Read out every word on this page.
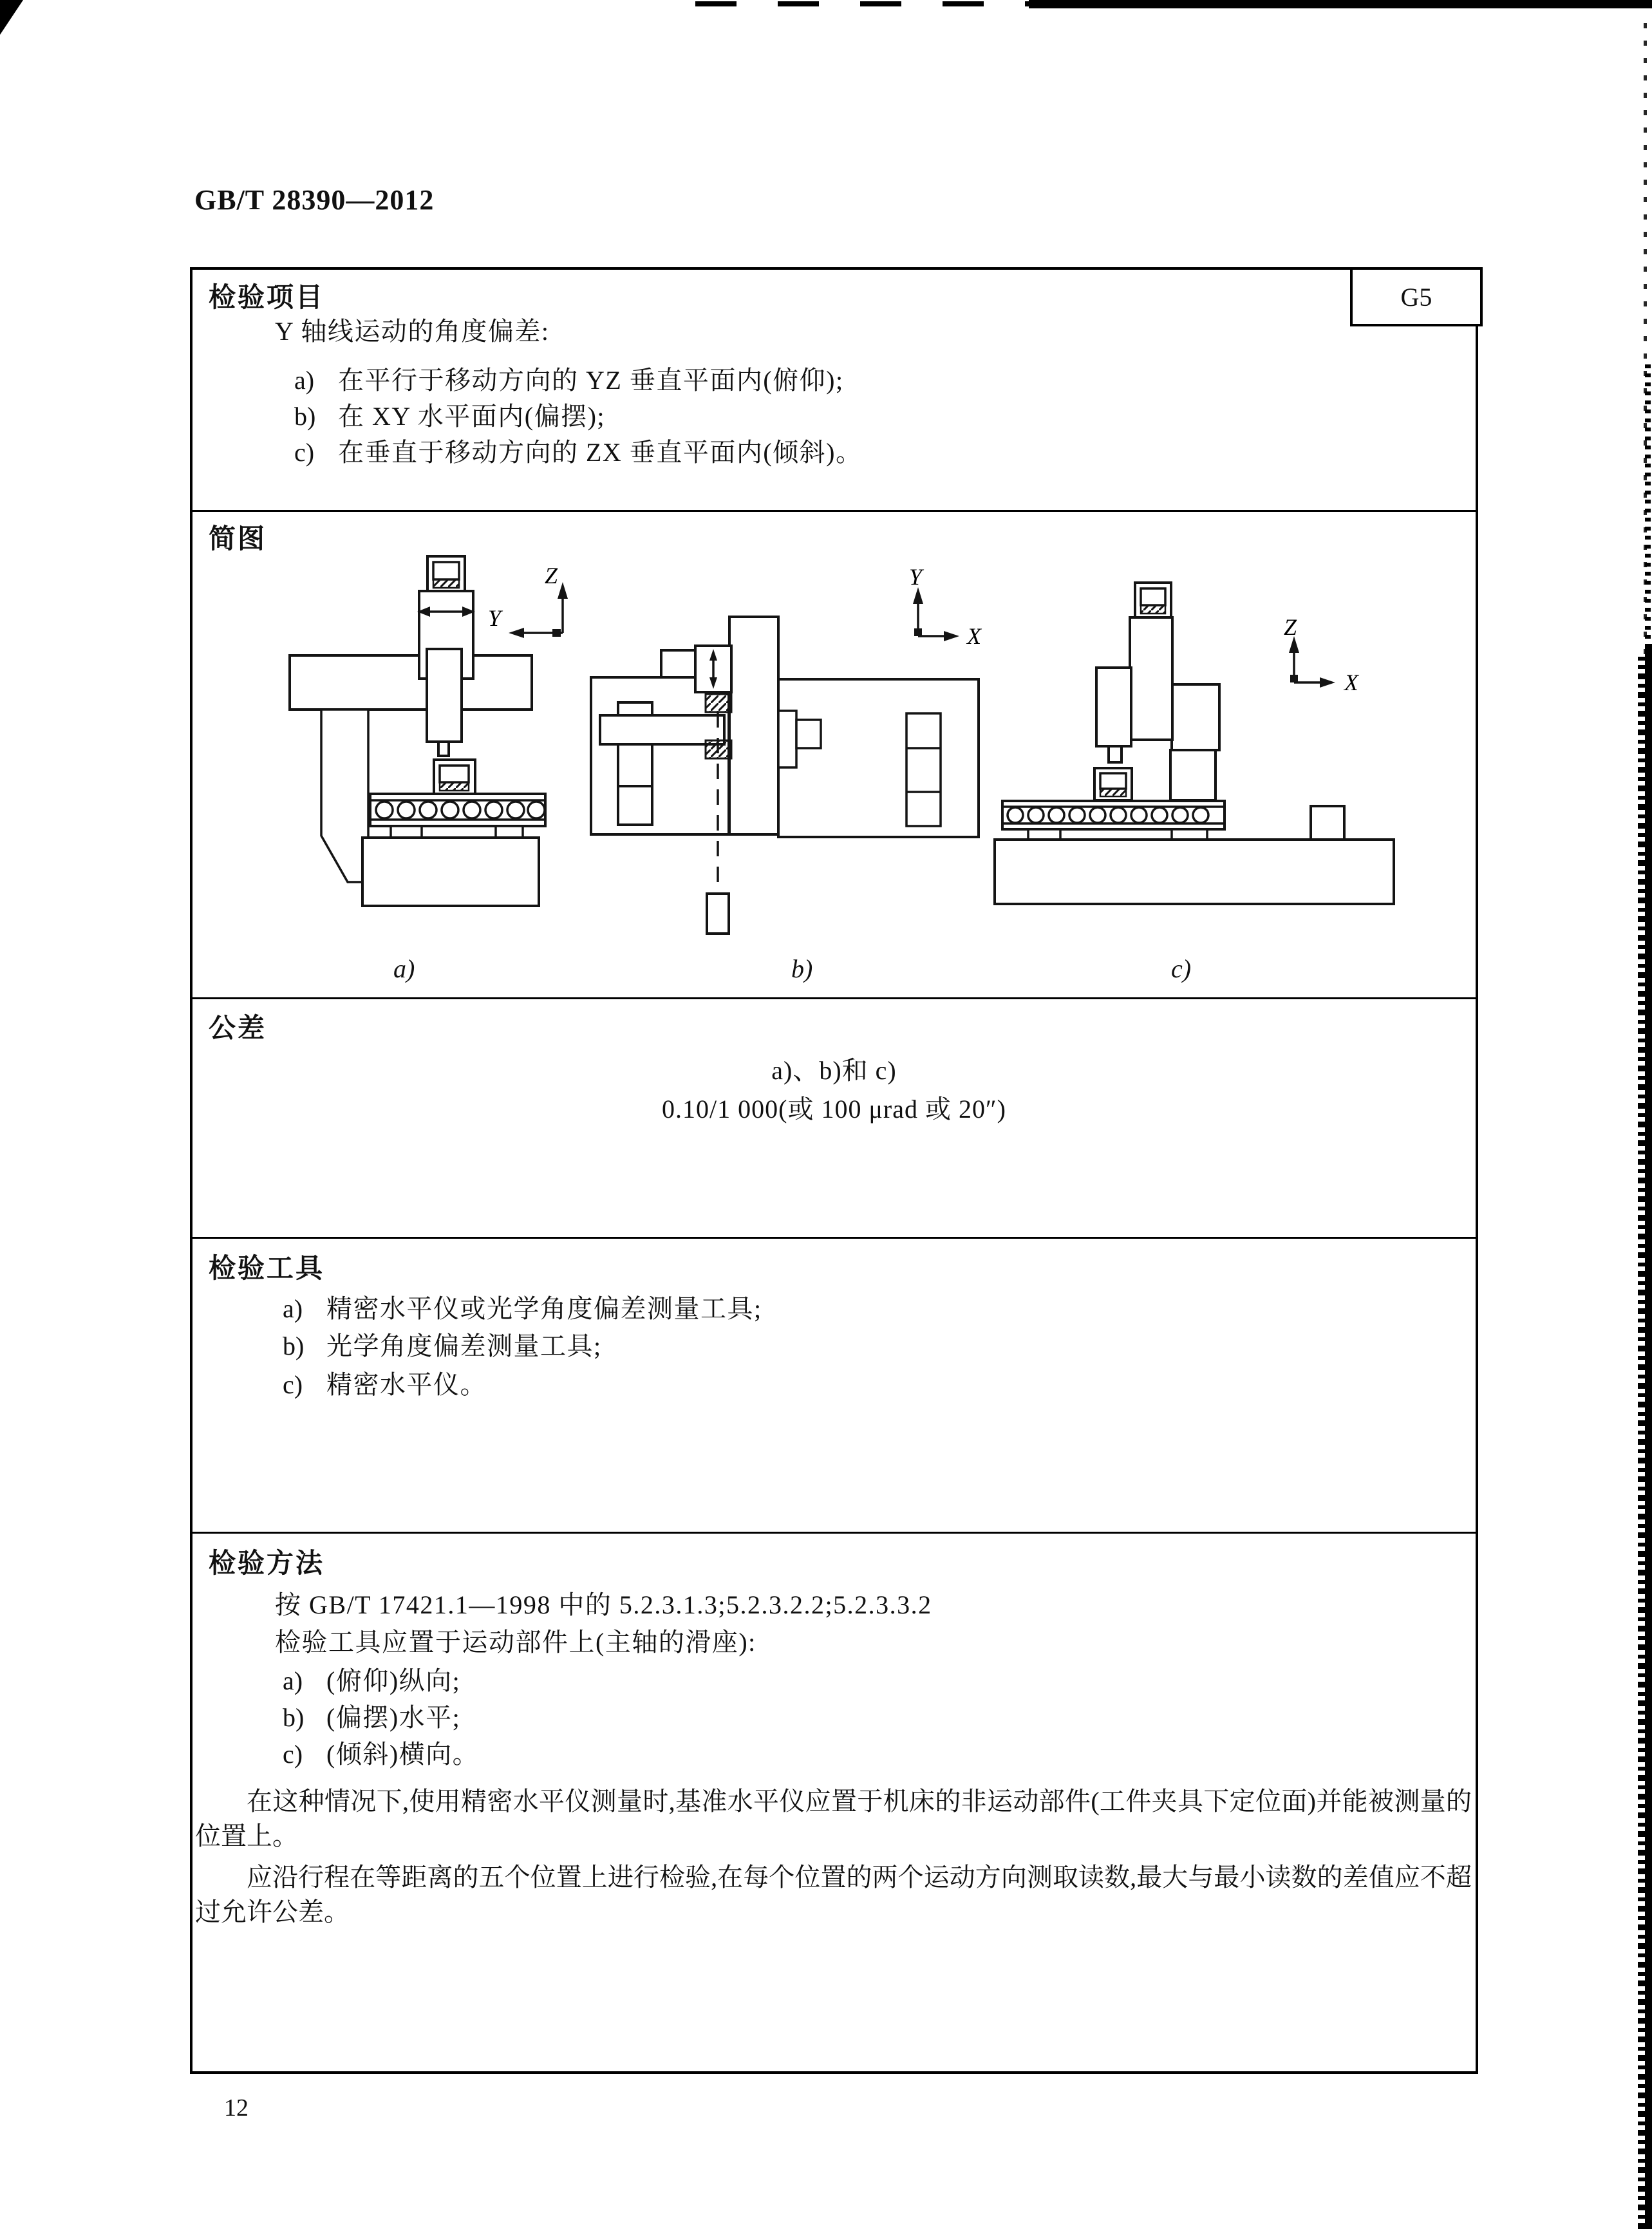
GB/T 28390—2012
G5
检验项目
Y 轴线运动的角度偏差:
a) 在平行于移动方向的 YZ 垂直平面内(俯仰);
b) 在 XY 水平面内(偏摆);
c) 在垂直于移动方向的 ZX 垂直平面内(倾斜)。
简图
Z
Y
Y
X	Z
X
a)	b)	c)
公差
a)、b)和 c)
0.10/1 000(或 100 μrad 或 20″)
检验工具
a) 精密水平仪或光学角度偏差测量工具;
b) 光学角度偏差测量工具;
c) 精密水平仪。
检验方法
按 GB/T 17421.1—1998 中的 5.2.3.1.3;5.2.3.2.2;5.2.3.3.2
检验工具应置于运动部件上(主轴的滑座):
a) (俯仰)纵向;
b) (偏摆)水平;
c) (倾斜)横向。
在这种情况下,使用精密水平仪测量时,基准水平仪应置于机床的非运动部件(工件夹具下定位面)并能被测量的位置上。
应沿行程在等距离的五个位置上进行检验,在每个位置的两个运动方向测取读数,最大与最小读数的差值应不超过允许公差。
12
